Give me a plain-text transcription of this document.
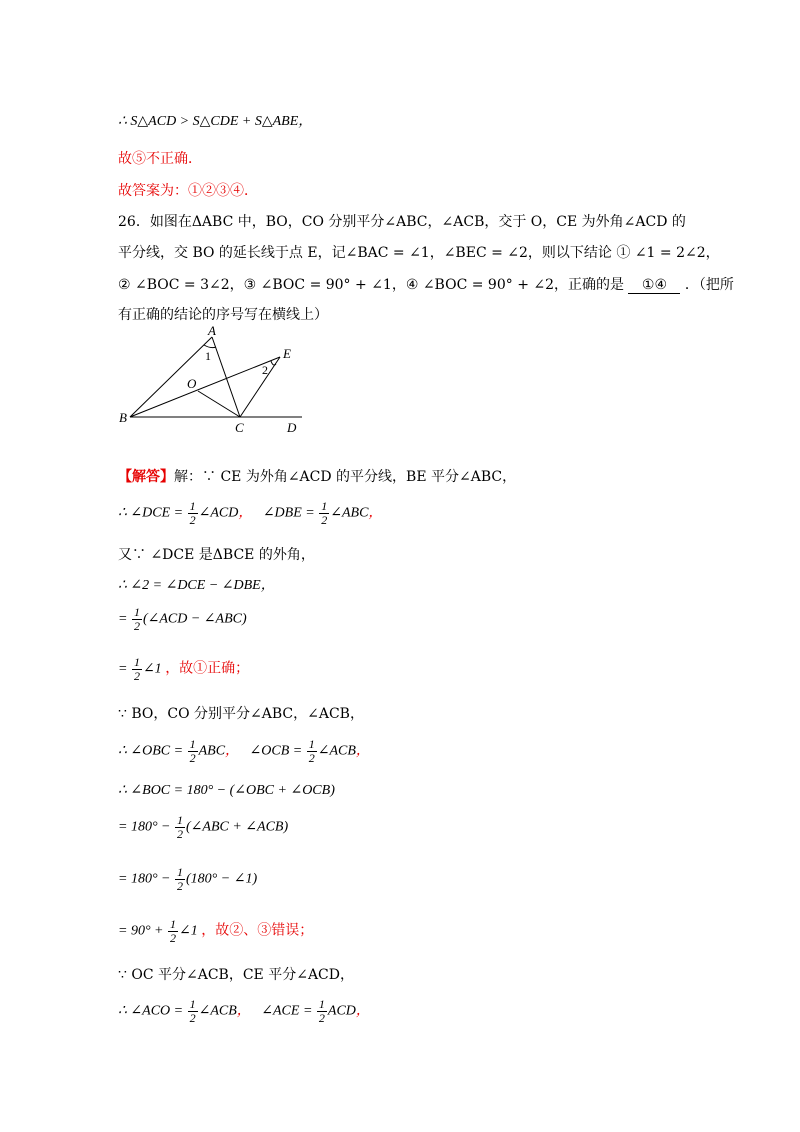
∴ S△ACD > S△CDE + S△ABE，
故⑤不正确．
故答案为：①②③④．
26．如图在ΔABC 中，BO，CO 分别平分∠ABC，∠ACB，交于 O，CE 为外角∠ACD 的
平分线，交 BO 的延长线于点 E，记∠BAC = ∠1，∠BEC = ∠2，则以下结论 ① ∠1 = 2∠2，
② ∠BOC = 3∠2，③ ∠BOC = 90° + ∠1，④ ∠BOC = 90° + ∠2，正确的是 ①④ ．（把所
有正确的结论的序号写在横线上）
A
B
C	D
E
O
1
2
【解答】解：∵ CE 为外角∠ACD 的平分线，BE 平分∠ABC，
∴ ∠DCE = $\frac{1}{2}$ ∠ACD， ∠DBE = $\frac{1}{2}$ ∠ABC，
又∵ ∠DCE 是ΔBCE 的外角，
∴ ∠2 = ∠DCE − ∠DBE，
= $\frac{1}{2}$ (∠ACD − ∠ABC)
= $\frac{1}{2}$ ∠1 ，故①正确；
∵ BO，CO 分别平分∠ABC，∠ACB，
∴ ∠OBC = $\frac{1}{2}$ ABC， ∠OCB = $\frac{1}{2}$ ∠ACB，
∴ ∠BOC = 180° − (∠OBC + ∠OCB)
= $180^\circ - \frac{1}{2}$ (∠ABC + ∠ACB)
= $180^\circ - \frac{1}{2} (180^\circ$ − ∠1)
= $90^\circ + \frac{1}{2}$ ∠1 ，故②、③错误；
∵ OC 平分∠ACB，CE 平分∠ACD，
∴ ∠ACO = $\frac{1}{2}$ ∠ACB， ∠ACE = $\frac{1}{2}$ ACD，
